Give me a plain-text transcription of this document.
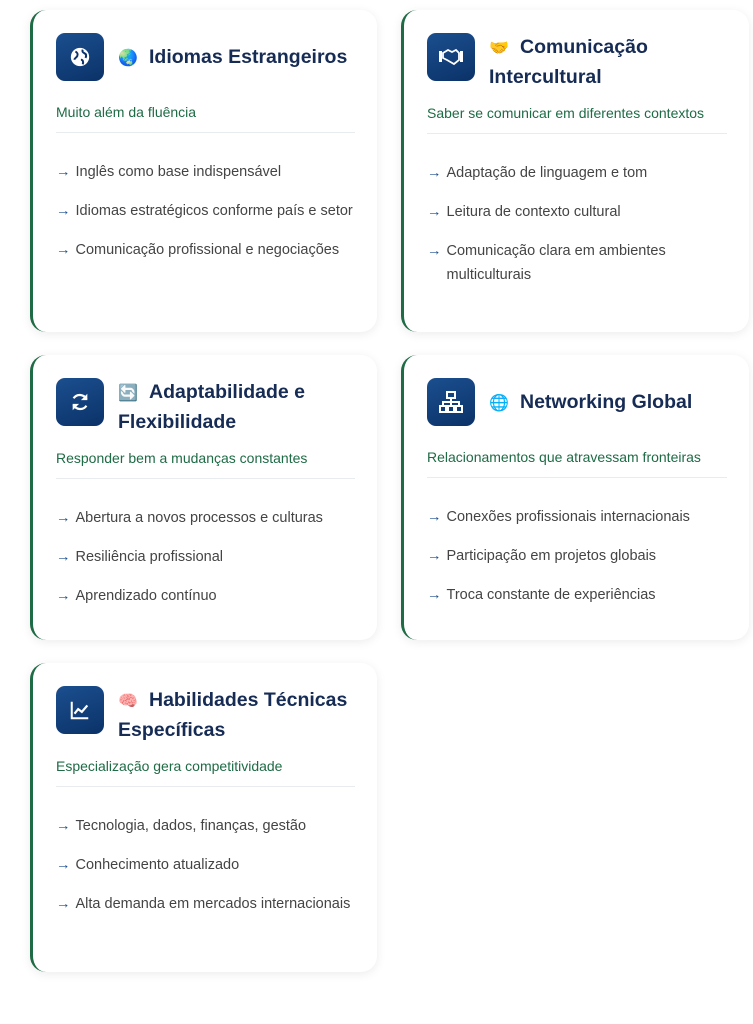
🌏 Idiomas Estrangeiros
Muito além da fluência
→ Inglês como base indispensável
→ Idiomas estratégicos conforme país e setor
→ Comunicação profissional e negociações
🤝 Comunicação Intercultural
Saber se comunicar em diferentes contextos
→ Adaptação de linguagem e tom
→ Leitura de contexto cultural
→ Comunicação clara em ambientes multiculturais
🔄 Adaptabilidade e Flexibilidade
Responder bem a mudanças constantes
→ Abertura a novos processos e culturas
→ Resiliência profissional
→ Aprendizado contínuo
🌐 Networking Global
Relacionamentos que atravessam fronteiras
→ Conexões profissionais internacionais
→ Participação em projetos globais
→ Troca constante de experiências
🧠 Habilidades Técnicas Específicas
Especialização gera competitividade
→ Tecnologia, dados, finanças, gestão
→ Conhecimento atualizado
→ Alta demanda em mercados internacionais
